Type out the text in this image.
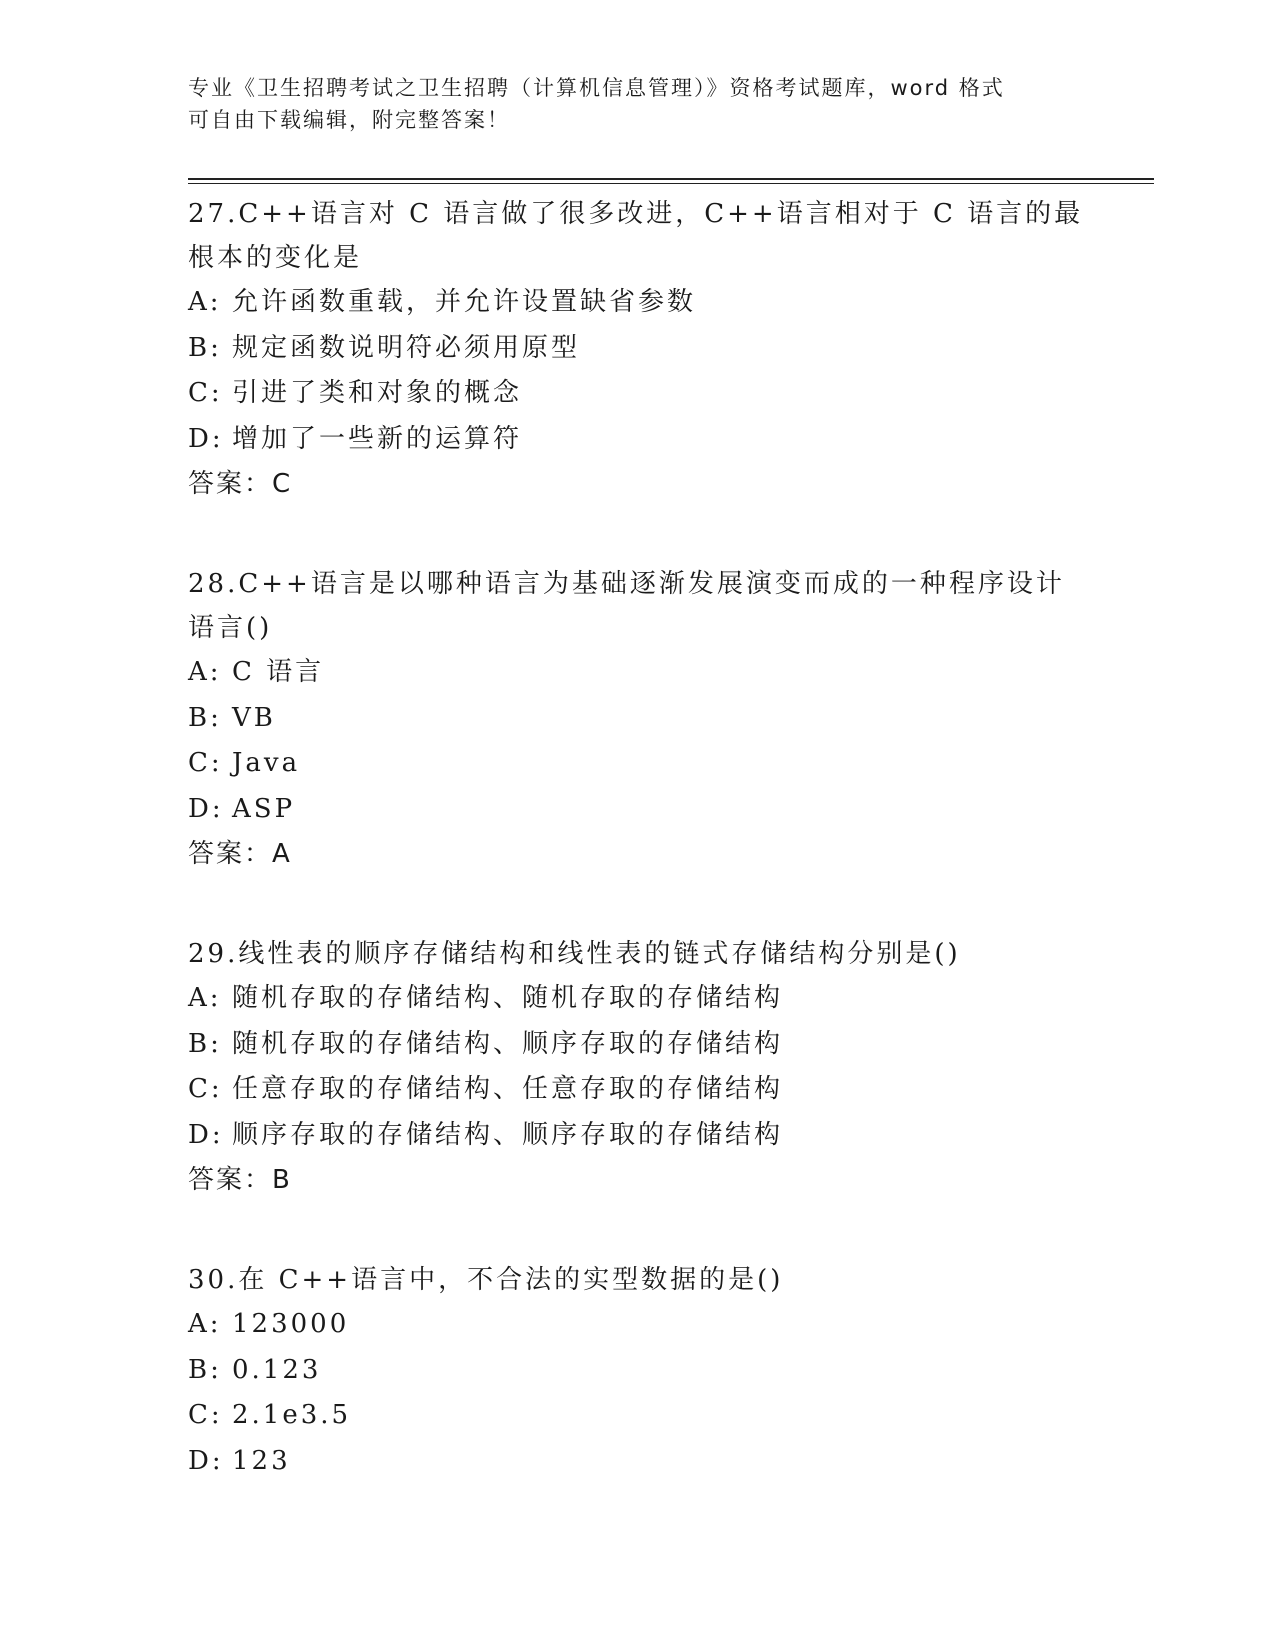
专业《卫生招聘考试之卫生招聘（计算机信息管理）》资格考试题库，word 格式
可自由下载编辑，附完整答案！

27.C++语言对 C 语言做了很多改进，C++语言相对于 C 语言的最根本的变化是

A: 允许函数重载，并允许设置缺省参数
B: 规定函数说明符必须用原型
C: 引进了类和对象的概念
D: 增加了一些新的运算符
答案：C

28.C++语言是以哪种语言为基础逐渐发展演变而成的一种程序设计语言()

A: C 语言
B: VB
C: Java
D: ASP
答案：A

29.线性表的顺序存储结构和线性表的链式存储结构分别是()

A: 随机存取的存储结构、随机存取的存储结构
B: 随机存取的存储结构、顺序存取的存储结构
C: 任意存取的存储结构、任意存取的存储结构
D: 顺序存取的存储结构、顺序存取的存储结构
答案：B

30.在 C++语言中，不合法的实型数据的是()

A: 123000
B: 0.123
C: 2.1e3.5
D: 123
